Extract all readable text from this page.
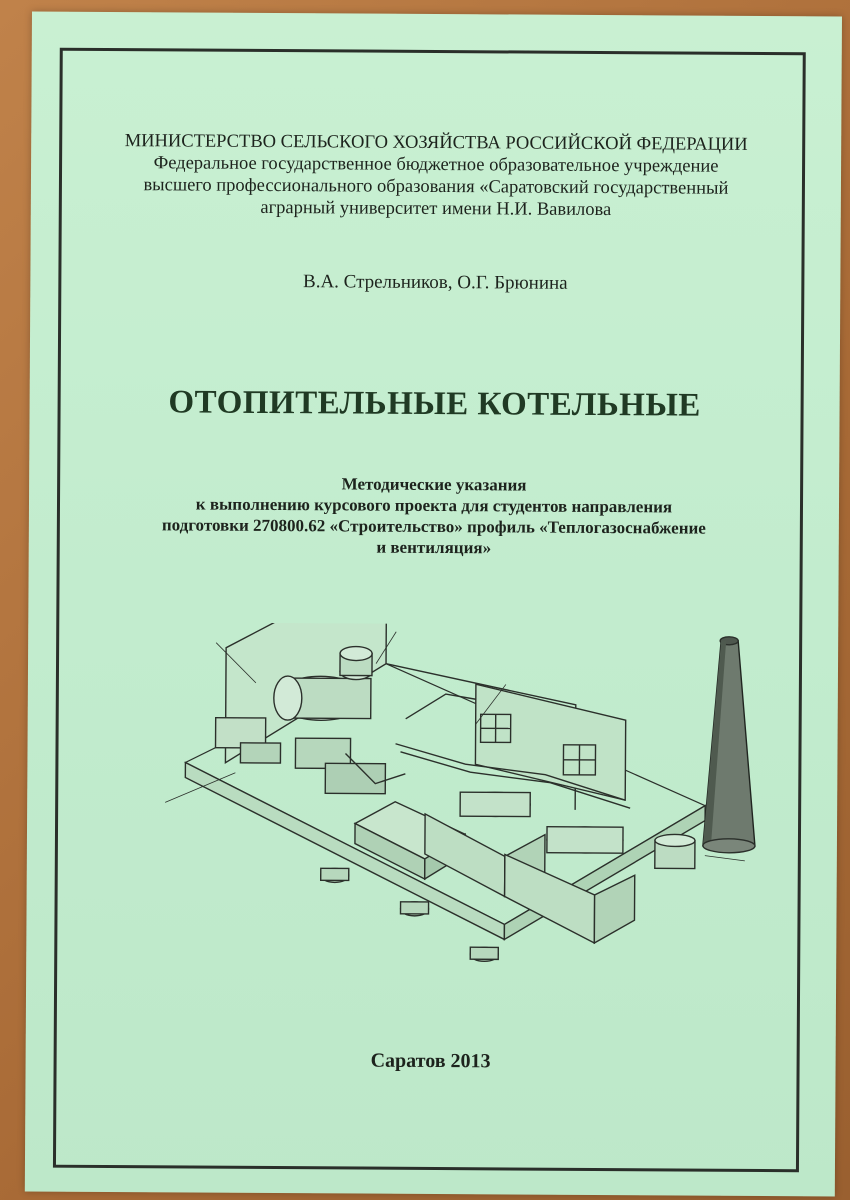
МИНИСТЕРСТВО СЕЛЬСКОГО ХОЗЯЙСТВА РОССИЙСКОЙ ФЕДЕРАЦИИ
Федеральное государственное бюджетное образовательное учреждение
высшего профессионального образования «Саратовский государственный
аграрный университет имени Н.И. Вавилова
В.А. Стрельников, О.Г. Брюнина
ОТОПИТЕЛЬНЫЕ КОТЕЛЬНЫЕ
Методические указания
к выполнению курсового проекта для студентов направления
подготовки 270800.62 «Строительство» профиль «Теплогазоснабжение
и вентиляция»
Саратов 2013
